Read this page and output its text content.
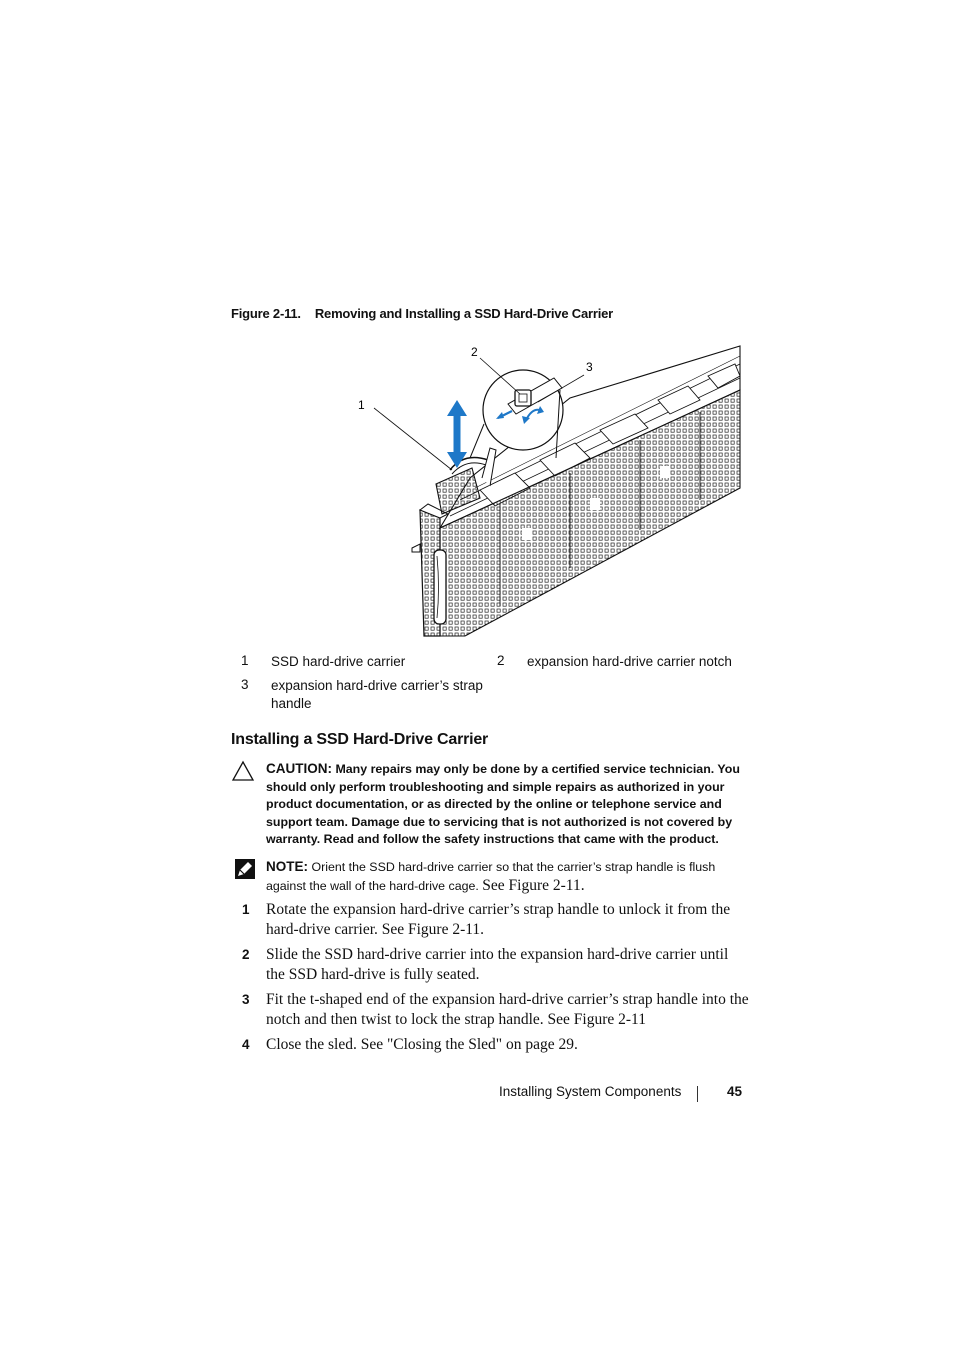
Figure 2-11. Removing and Installing a SSD Hard-Drive Carrier
1
2
3
1 SSD hard-drive carrier	2 expansion hard-drive carrier notch
3 expansion hard-drive carrier’s strap handle
Installing a SSD Hard-Drive Carrier
CAUTION: Many repairs may only be done by a certified service technician. You should only perform troubleshooting and simple repairs as authorized in your product documentation, or as directed by the online or telephone service and support team. Damage due to servicing that is not authorized is not covered by warranty. Read and follow the safety instructions that came with the product.
NOTE: Orient the SSD hard-drive carrier so that the carrier’s strap handle is flush against the wall of the hard-drive cage. See Figure 2-11.
1 Rotate the expansion hard-drive carrier’s strap handle to unlock it from the hard-drive carrier. See Figure 2-11.
2 Slide the SSD hard-drive carrier into the expansion hard-drive carrier until the SSD hard-drive is fully seated.
3 Fit the t-shaped end of the expansion hard-drive carrier’s strap handle into the notch and then twist to lock the strap handle. See Figure 2-11
4 Close the sled. See "Closing the Sled" on page 29.
Installing System Components	45
